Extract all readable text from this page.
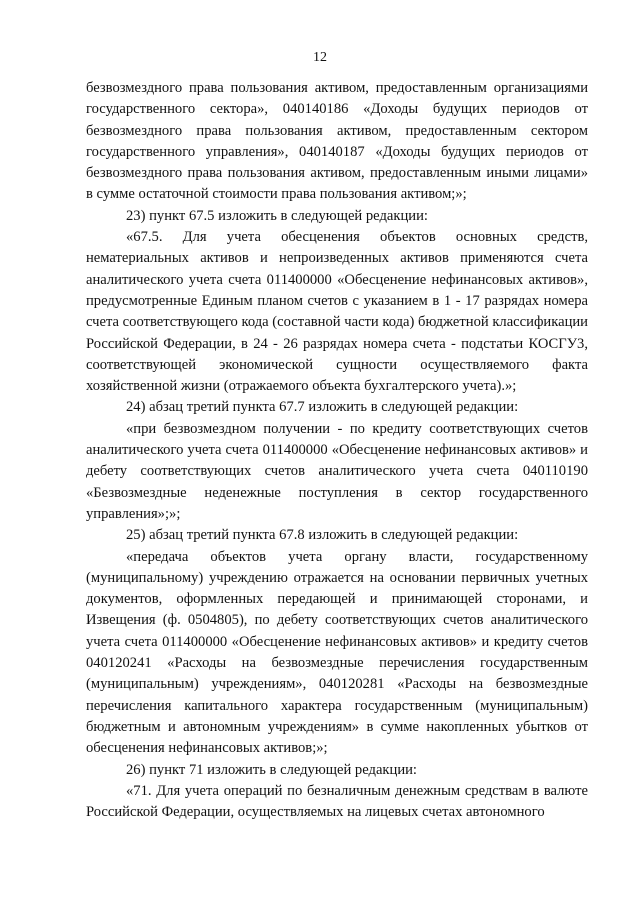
12

безвозмездного права пользования активом, предоставленным организациями государственного сектора», 040140186 «Доходы будущих периодов от безвозмездного права пользования активом, предоставленным сектором государственного управления», 040140187 «Доходы будущих периодов от безвозмездного права пользования активом, предоставленным иными лицами» в сумме остаточной стоимости права пользования активом;»;

23) пункт 67.5 изложить в следующей редакции:

«67.5. Для учета обесценения объектов основных средств, нематериальных активов и непроизведенных активов применяются счета аналитического учета счета 011400000 «Обесценение нефинансовых активов», предусмотренные Единым планом счетов с указанием в 1 - 17 разрядах номера счета соответствующего кода (составной части кода) бюджетной классификации Российской Федерации, в 24 - 26 разрядах номера счета - подстатьи КОСГУ3, соответствующей экономической сущности осуществляемого факта хозяйственной жизни (отражаемого объекта бухгалтерского учета).»;

24) абзац третий пункта 67.7 изложить в следующей редакции:

«при безвозмездном получении - по кредиту соответствующих счетов аналитического учета счета 011400000 «Обесценение нефинансовых активов» и дебету соответствующих счетов аналитического учета счета 040110190 «Безвозмездные неденежные поступления в сектор государственного управления»;»;

25) абзац третий пункта 67.8 изложить в следующей редакции:

«передача объектов учета органу власти, государственному (муниципальному) учреждению отражается на основании первичных учетных документов, оформленных передающей и принимающей сторонами, и Извещения (ф. 0504805), по дебету соответствующих счетов аналитического учета счета 011400000 «Обесценение нефинансовых активов» и кредиту счетов 040120241 «Расходы на безвозмездные перечисления государственным (муниципальным) учреждениям», 040120281 «Расходы на безвозмездные перечисления капитального характера государственным (муниципальным) бюджетным и автономным учреждениям» в сумме накопленных убытков от обесценения нефинансовых активов;»;

26) пункт 71 изложить в следующей редакции:

«71. Для учета операций по безналичным денежным средствам в валюте Российской Федерации, осуществляемых на лицевых счетах автономного
